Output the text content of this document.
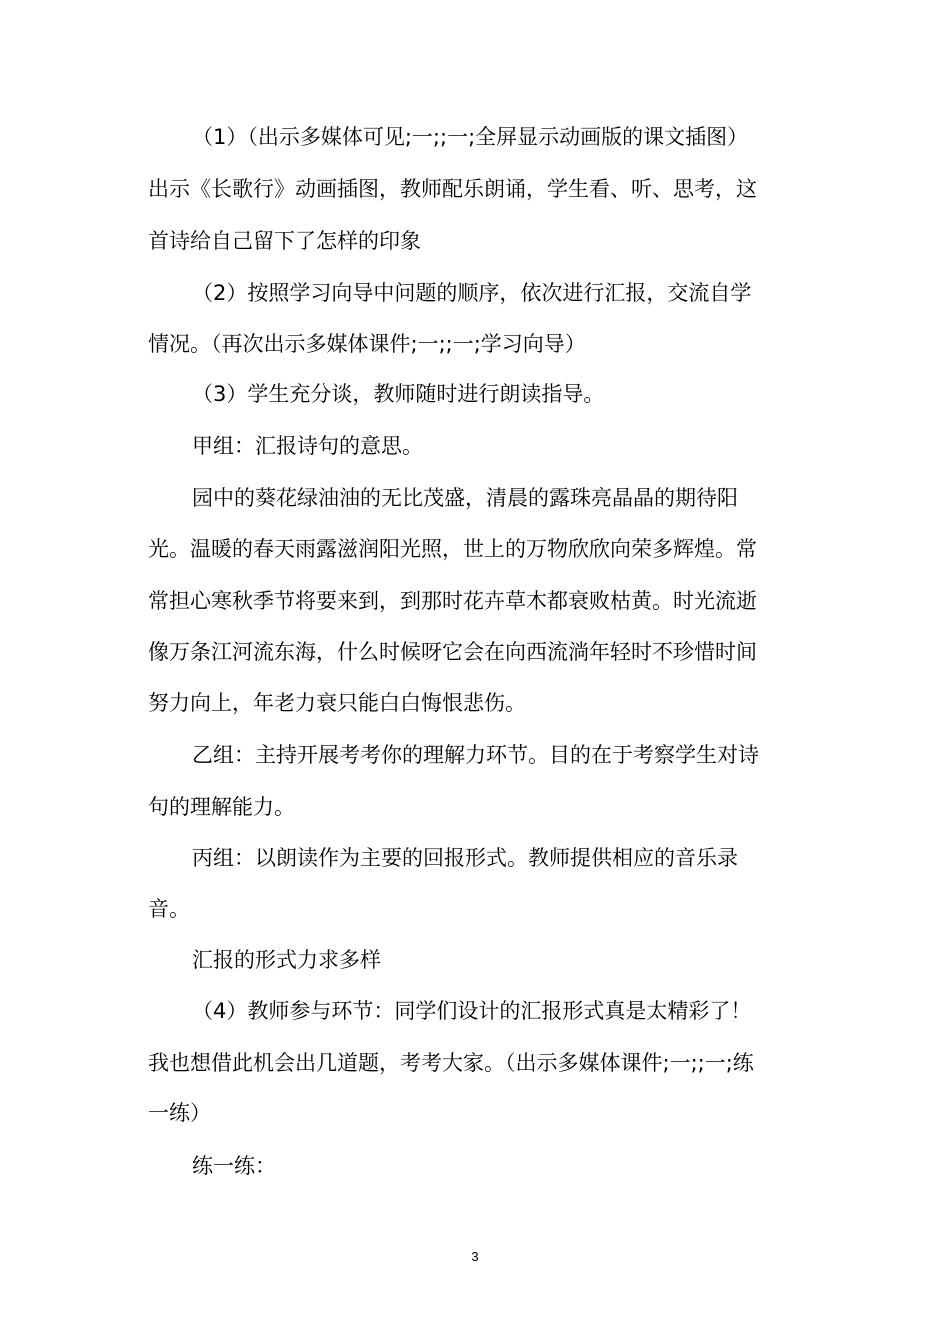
（1）（出示多媒体可见;一;;一;全屏显示动画版的课文插图）
出示《长歌行》动画插图，教师配乐朗诵，学生看、听、思考，这
首诗给自己留下了怎样的印象
（2）按照学习向导中问题的顺序，依次进行汇报，交流自学
情况。（再次出示多媒体课件;一;;一;学习向导）
（3）学生充分谈，教师随时进行朗读指导。
甲组：汇报诗句的意思。
园中的葵花绿油油的无比茂盛，清晨的露珠亮晶晶的期待阳
光。温暖的春天雨露滋润阳光照，世上的万物欣欣向荣多辉煌。常
常担心寒秋季节将要来到，到那时花卉草木都衰败枯黄。时光流逝
像万条江河流东海，什么时候呀它会在向西流淌年轻时不珍惜时间
努力向上，年老力衰只能白白悔恨悲伤。
乙组：主持开展考考你的理解力环节。目的在于考察学生对诗
句的理解能力。
丙组：以朗读作为主要的回报形式。教师提供相应的音乐录
音。
汇报的形式力求多样
（4）教师参与环节：同学们设计的汇报形式真是太精彩了！
我也想借此机会出几道题，考考大家。（出示多媒体课件;一;;一;练
一练）
练一练：
3
